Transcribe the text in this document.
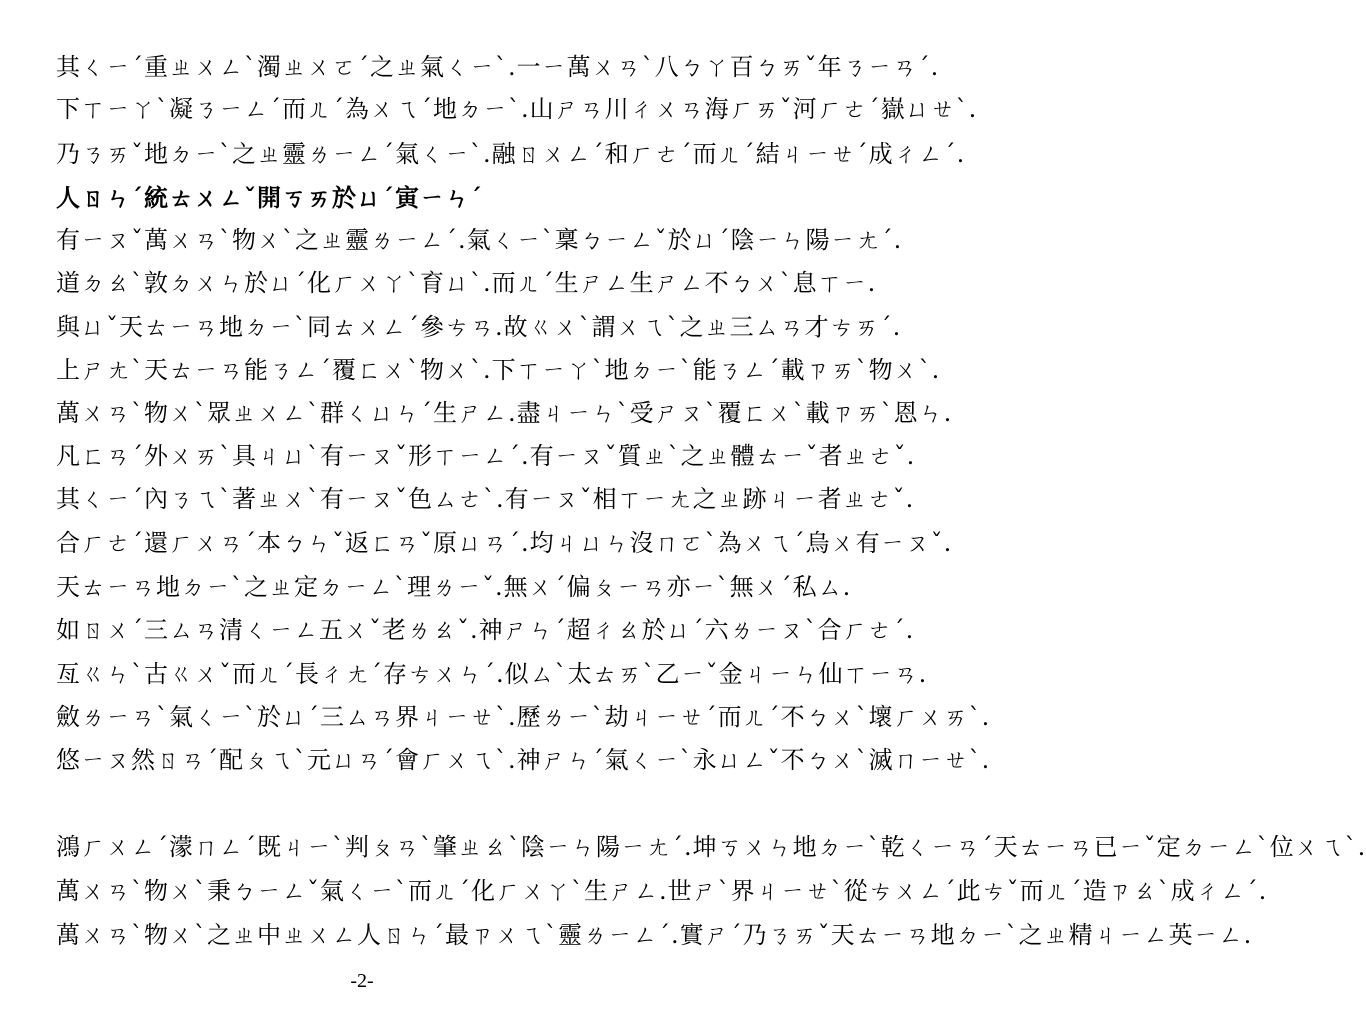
其ㄑㄧˊ重ㄓㄨㄥˋ濁ㄓㄨㄛˊ之ㄓ氣ㄑㄧˋ.一ㄧ萬ㄨㄢˋ八ㄅㄚ百ㄅㄞˇ年ㄋㄧㄢˊ.
下ㄒㄧㄚˋ凝ㄋㄧㄥˊ而ㄦˊ為ㄨㄟˊ地ㄉㄧˋ.山ㄕㄢ川ㄔㄨㄢ海ㄏㄞˇ河ㄏㄜˊ嶽ㄩㄝˋ.
乃ㄋㄞˇ地ㄉㄧˋ之ㄓ靈ㄌㄧㄥˊ氣ㄑㄧˋ.融ㄖㄨㄥˊ和ㄏㄜˊ而ㄦˊ結ㄐㄧㄝˊ成ㄔㄥˊ.
人ㄖㄣˊ統ㄊㄨㄥˇ開ㄎㄞ於ㄩˊ寅ㄧㄣˊ
有ㄧㄡˇ萬ㄨㄢˋ物ㄨˋ之ㄓ靈ㄌㄧㄥˊ.氣ㄑㄧˋ稟ㄅㄧㄥˇ於ㄩˊ陰ㄧㄣ陽ㄧㄤˊ.
道ㄉㄠˋ敦ㄉㄨㄣ於ㄩˊ化ㄏㄨㄚˋ育ㄩˋ.而ㄦˊ生ㄕㄥ生ㄕㄥ不ㄅㄨˋ息ㄒㄧ.
與ㄩˇ天ㄊㄧㄢ地ㄉㄧˋ同ㄊㄨㄥˊ參ㄘㄢ.故ㄍㄨˋ謂ㄨㄟˋ之ㄓ三ㄙㄢ才ㄘㄞˊ.
上ㄕㄤˋ天ㄊㄧㄢ能ㄋㄥˊ覆ㄈㄨˋ物ㄨˋ.下ㄒㄧㄚˋ地ㄉㄧˋ能ㄋㄥˊ載ㄗㄞˋ物ㄨˋ.
萬ㄨㄢˋ物ㄨˋ眾ㄓㄨㄥˋ群ㄑㄩㄣˊ生ㄕㄥ.盡ㄐㄧㄣˋ受ㄕㄡˋ覆ㄈㄨˋ載ㄗㄞˋ恩ㄣ.
凡ㄈㄢˊ外ㄨㄞˋ具ㄐㄩˋ有ㄧㄡˇ形ㄒㄧㄥˊ.有ㄧㄡˇ質ㄓˋ之ㄓ體ㄊㄧˇ者ㄓㄜˇ.
其ㄑㄧˊ內ㄋㄟˋ著ㄓㄨˋ有ㄧㄡˇ色ㄙㄜˋ.有ㄧㄡˇ相ㄒㄧㄤ之ㄓ跡ㄐㄧ者ㄓㄜˇ.
合ㄏㄜˊ還ㄏㄨㄢˊ本ㄅㄣˇ返ㄈㄢˇ原ㄩㄢˊ.均ㄐㄩㄣ沒ㄇㄛˋ為ㄨㄟˊ烏ㄨ有ㄧㄡˇ.
天ㄊㄧㄢ地ㄉㄧˋ之ㄓ定ㄉㄧㄥˋ理ㄌㄧˇ.無ㄨˊ偏ㄆㄧㄢ亦ㄧˋ無ㄨˊ私ㄙ.
如ㄖㄨˊ三ㄙㄢ清ㄑㄧㄥ五ㄨˇ老ㄌㄠˇ.神ㄕㄣˊ超ㄔㄠ於ㄩˊ六ㄌㄧㄡˋ合ㄏㄜˊ.
亙ㄍㄣˋ古ㄍㄨˇ而ㄦˊ長ㄔㄤˊ存ㄘㄨㄣˊ.似ㄙˋ太ㄊㄞˋ乙ㄧˇ金ㄐㄧㄣ仙ㄒㄧㄢ.
斂ㄌㄧㄢˋ氣ㄑㄧˋ於ㄩˊ三ㄙㄢ界ㄐㄧㄝˋ.歷ㄌㄧˋ劫ㄐㄧㄝˊ而ㄦˊ不ㄅㄨˋ壞ㄏㄨㄞˋ.
悠ㄧㄡ然ㄖㄢˊ配ㄆㄟˋ元ㄩㄢˊ會ㄏㄨㄟˋ.神ㄕㄣˊ氣ㄑㄧˋ永ㄩㄥˇ不ㄅㄨˋ滅ㄇㄧㄝˋ.
鴻ㄏㄨㄥˊ濛ㄇㄥˊ既ㄐㄧˋ判ㄆㄢˋ肇ㄓㄠˋ陰ㄧㄣ陽ㄧㄤˊ.坤ㄎㄨㄣ地ㄉㄧˋ乾ㄑㄧㄢˊ天ㄊㄧㄢ已ㄧˇ定ㄉㄧㄥˋ位ㄨㄟˋ.
萬ㄨㄢˋ物ㄨˋ秉ㄅㄧㄥˇ氣ㄑㄧˋ而ㄦˊ化ㄏㄨㄚˋ生ㄕㄥ.世ㄕˋ界ㄐㄧㄝˋ從ㄘㄨㄥˊ此ㄘˇ而ㄦˊ造ㄗㄠˋ成ㄔㄥˊ.
萬ㄨㄢˋ物ㄨˋ之ㄓ中ㄓㄨㄥ人ㄖㄣˊ最ㄗㄨㄟˋ靈ㄌㄧㄥˊ.實ㄕˊ乃ㄋㄞˇ天ㄊㄧㄢ地ㄉㄧˋ之ㄓ精ㄐㄧㄥ英ㄧㄥ.
-2-
